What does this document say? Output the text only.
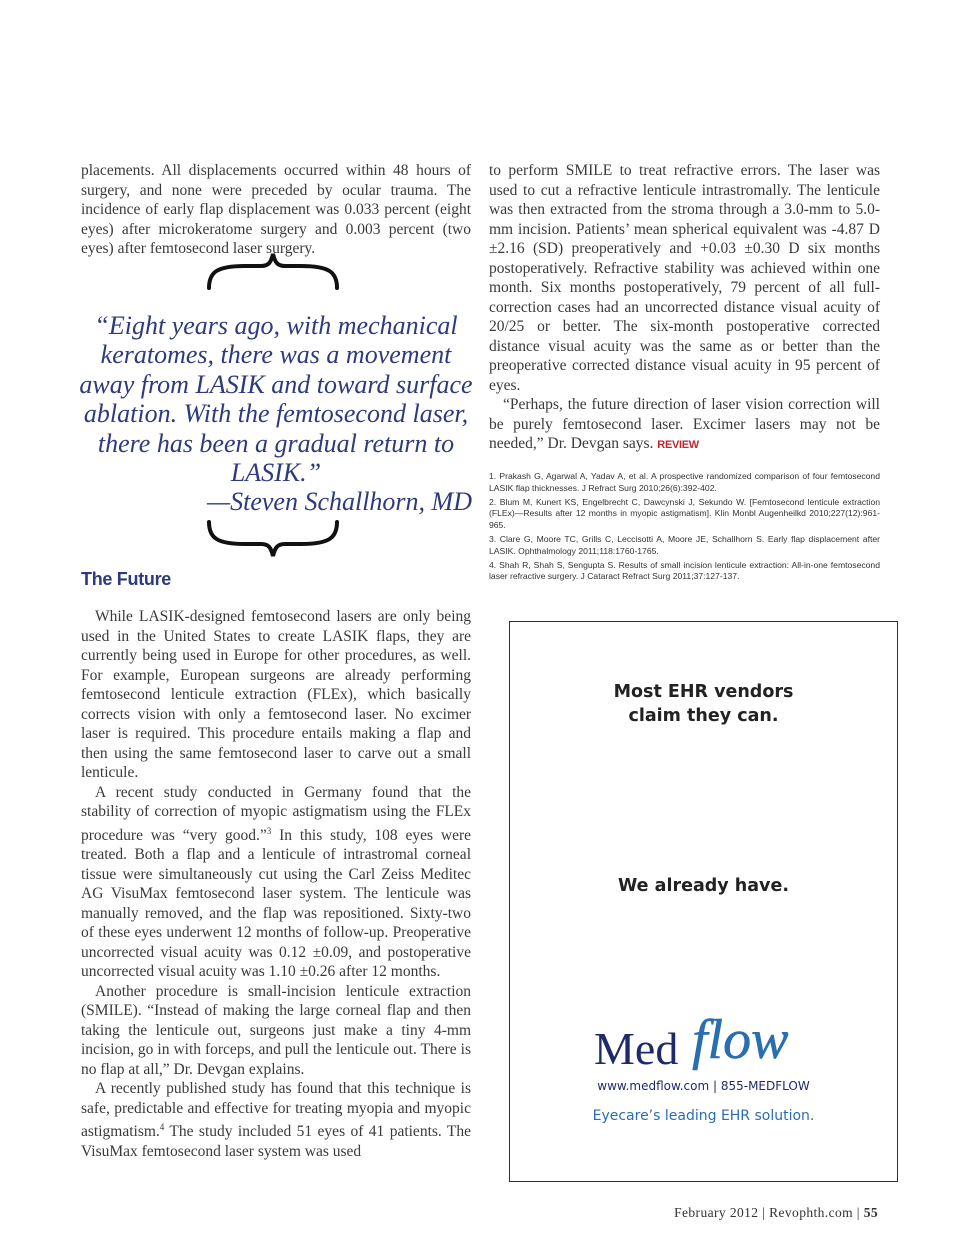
placements. All displacements occurred within 48 hours of surgery, and none were preceded by ocular trauma. The incidence of early flap displacement was 0.033 percent (eight eyes) after microkeratome surgery and 0.003 percent (two eyes) after femtosecond laser surgery.

“Eight years ago, with mechanical keratomes, there was a movement away from LASIK and toward surface ablation. With the femtosecond laser, there has been a gradual return to LASIK.”
—Steven Schallhorn, MD
The Future

While LASIK-designed femtosecond lasers are only being used in the United States to create LASIK flaps, they are currently being used in Europe for other procedures, as well. For example, European surgeons are already performing femtosecond lenticule extraction (FLEx), which basically corrects vision with only a femtosecond laser. No excimer laser is required. This procedure entails making a flap and then using the same femtosecond laser to carve out a small lenticule.

A recent study conducted in Germany found that the stability of correction of myopic astigmatism using the FLEx procedure was “very good.”$^3$ In this study, 108 eyes were treated. Both a flap and a lenticule of intrastromal corneal tissue were simultaneously cut using the Carl Zeiss Meditec AG VisuMax femtosecond laser system. The lenticule was manually removed, and the flap was repositioned. Sixty-two of these eyes underwent 12 months of follow-up. Preoperative uncorrected visual acuity was 0.12 ±0.09, and postoperative uncorrected visual acuity was 1.10 ±0.26 after 12 months.

Another procedure is small-incision lenticule extraction (SMILE). “Instead of making the large corneal flap and then taking the lenticule out, surgeons just make a tiny 4-mm incision, go in with forceps, and pull the lenticule out. There is no flap at all,” Dr. Devgan explains.

A recently published study has found that this technique is safe, predictable and effective for treating myopia and myopic astigmatism.$^4$ The study included 51 eyes of 41 patients. The VisuMax femtosecond laser system was used

to perform SMILE to treat refractive errors. The laser was used to cut a refractive lenticule intrastromally. The lenticule was then extracted from the stroma through a 3.0-mm to 5.0-mm incision. Patients’ mean spherical equivalent was -4.87 D ±2.16 (SD) preoperatively and +0.03 ±0.30 D six months postoperatively. Refractive stability was achieved within one month. Six months postoperatively, 79 percent of all full-correction cases had an uncorrected distance visual acuity of 20/25 or better. The six-month postoperative corrected distance visual acuity was the same as or better than the preoperative corrected distance visual acuity in 95 percent of eyes.

“Perhaps, the future direction of laser vision correction will be purely femtosecond laser. Excimer lasers may not be needed,” Dr. Devgan says. REVIEW

1. Prakash G, Agarwal A, Yadav A, et al. A prospective randomized comparison of four femtosecond LASIK flap thicknesses. J Refract Surg 2010;26(6):392-402.

2. Blum M, Kunert KS, Engelbrecht C, Dawcynski J, Sekundo W. [Femtosecond lenticule extraction (FLEx)—Results after 12 months in myopic astigmatism]. Klin Monbl Augenheilkd 2010;227(12):961-965.

3. Clare G, Moore TC, Grills C, Leccisotti A, Moore JE, Schallhorn S. Early flap displacement after LASIK. Ophthalmology 2011;118:1760-1765.

4. Shah R, Shah S, Sengupta S. Results of small incision lenticule extraction: All-in-one femtosecond laser refractive surgery. J Cataract Refract Surg 2011;37:127-137.

Most EHR vendors
claim they can.
We already have.
Med flow
www.medflow.com | 855-MEDFLOW
Eyecare’s leading EHR solution.
February 2012 | Revophth.com | 55
